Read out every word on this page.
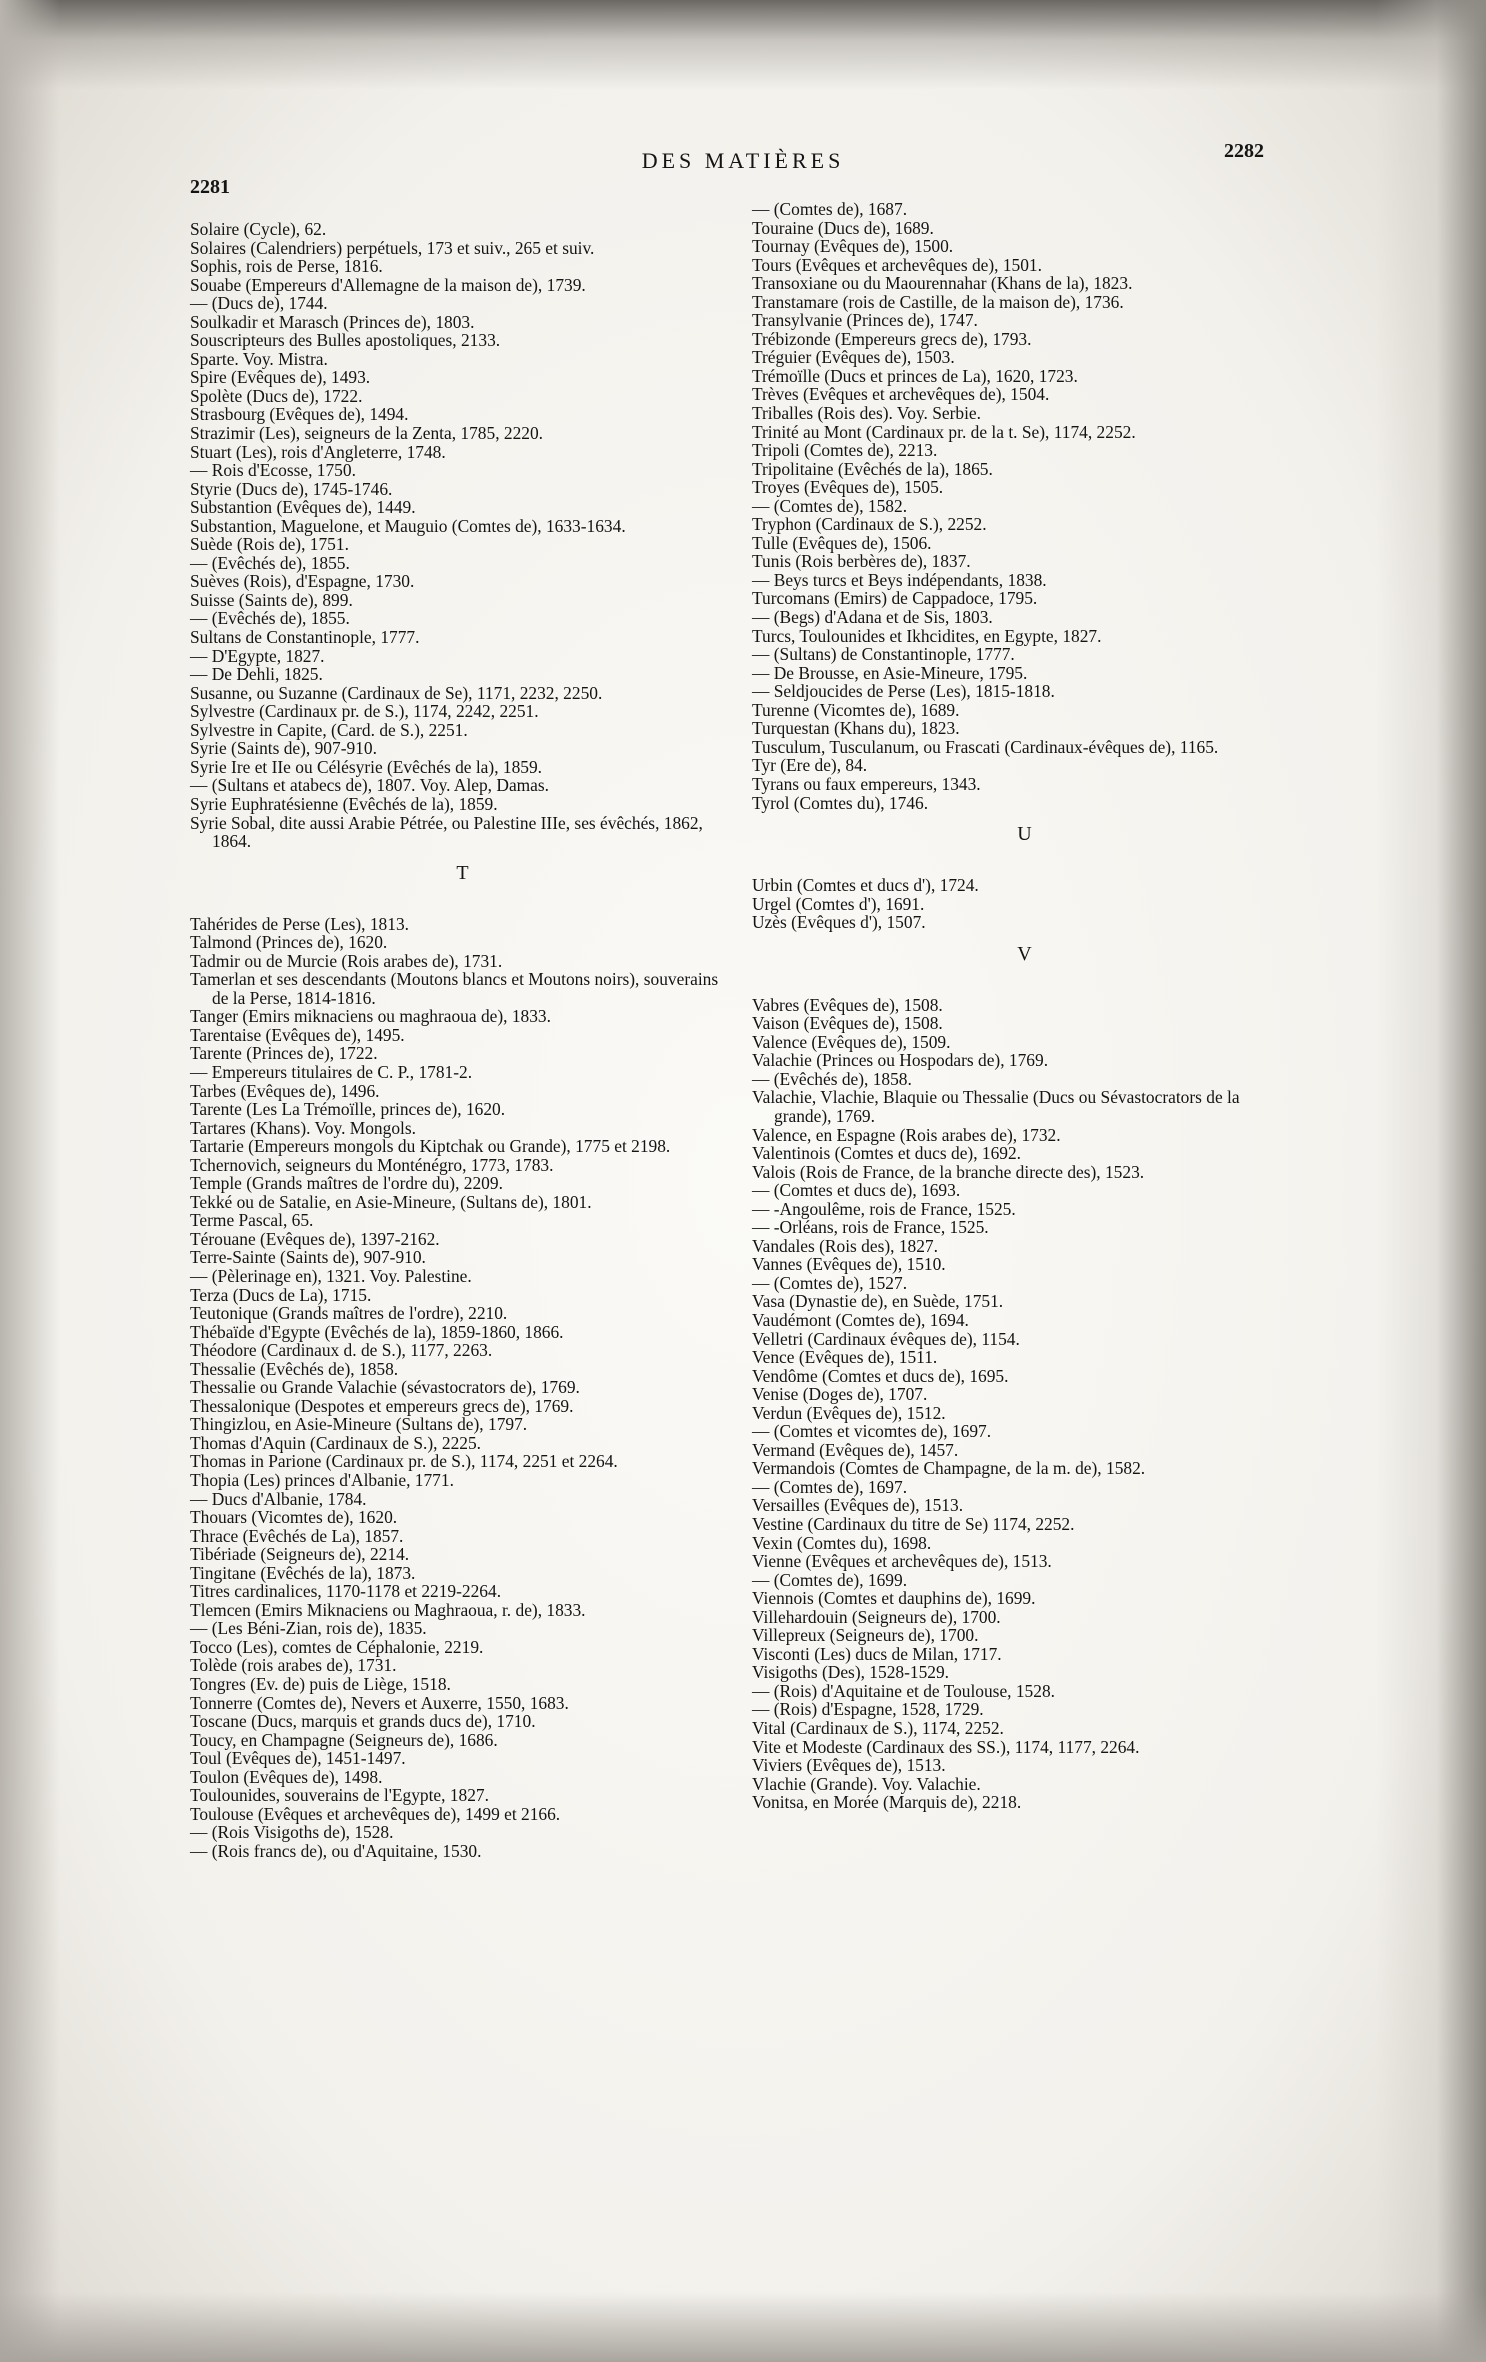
DES MATIÈRES
2281
2282
Solaire (Cycle), 62.
Solaires (Calendriers) perpétuels, 173 et suiv., 265 et suiv.
Sophis, rois de Perse, 1816.
Souabe (Empereurs d'Allemagne de la maison de), 1739.
— (Ducs de), 1744.
Soulkadir et Marasch (Princes de), 1803.
Souscripteurs des Bulles apostoliques, 2133.
Sparte. Voy. Mistra.
Spire (Evêques de), 1493.
Spolète (Ducs de), 1722.
Strasbourg (Evêques de), 1494.
Strazimir (Les), seigneurs de la Zenta, 1785, 2220.
Stuart (Les), rois d'Angleterre, 1748.
— Rois d'Ecosse, 1750.
Styrie (Ducs de), 1745-1746.
Substantion (Evêques de), 1449.
Substantion, Maguelone, et Mauguio (Comtes de), 1633-1634.
Suède (Rois de), 1751.
— (Evêchés de), 1855.
Suèves (Rois), d'Espagne, 1730.
Suisse (Saints de), 899.
— (Evêchés de), 1855.
Sultans de Constantinople, 1777.
— D'Egypte, 1827.
— De Dehli, 1825.
Susanne, ou Suzanne (Cardinaux de Se), 1171, 2232, 2250.
Sylvestre (Cardinaux pr. de S.), 1174, 2242, 2251.
Sylvestre in Capite, (Card. de S.), 2251.
Syrie (Saints de), 907-910.
Syrie Ire et IIe ou Célésyrie (Evêchés de la), 1859.
— (Sultans et atabecs de), 1807. Voy. Alep, Damas.
Syrie Euphratésienne (Evêchés de la), 1859.
Syrie Sobal, dite aussi Arabie Pétrée, ou Palestine IIIe, ses évêchés, 1862, 1864.
T
Tahérides de Perse (Les), 1813.
Talmond (Princes de), 1620.
Tadmir ou de Murcie (Rois arabes de), 1731.
Tamerlan et ses descendants (Moutons blancs et Moutons noirs), souverains de la Perse, 1814-1816.
Tanger (Emirs miknaciens ou maghraoua de), 1833.
Tarentaise (Evêques de), 1495.
Tarente (Princes de), 1722.
— Empereurs titulaires de C. P., 1781-2.
Tarbes (Evêques de), 1496.
Tarente (Les La Trémoïlle, princes de), 1620.
Tartares (Khans). Voy. Mongols.
Tartarie (Empereurs mongols du Kiptchak ou Grande), 1775 et 2198.
Tchernovich, seigneurs du Monténégro, 1773, 1783.
Temple (Grands maîtres de l'ordre du), 2209.
Tekké ou de Satalie, en Asie-Mineure, (Sultans de), 1801.
Terme Pascal, 65.
Térouane (Evêques de), 1397-2162.
Terre-Sainte (Saints de), 907-910.
— (Pèlerinage en), 1321. Voy. Palestine.
Terza (Ducs de La), 1715.
Teutonique (Grands maîtres de l'ordre), 2210.
Thébaïde d'Egypte (Evêchés de la), 1859-1860, 1866.
Théodore (Cardinaux d. de S.), 1177, 2263.
Thessalie (Evêchés de), 1858.
Thessalie ou Grande Valachie (sévastocrators de), 1769.
Thessalonique (Despotes et empereurs grecs de), 1769.
Thingizlou, en Asie-Mineure (Sultans de), 1797.
Thomas d'Aquin (Cardinaux de S.), 2225.
Thomas in Parione (Cardinaux pr. de S.), 1174, 2251 et 2264.
Thopia (Les) princes d'Albanie, 1771.
— Ducs d'Albanie, 1784.
Thouars (Vicomtes de), 1620.
Thrace (Evêchés de La), 1857.
Tibériade (Seigneurs de), 2214.
Tingitane (Evêchés de la), 1873.
Titres cardinalices, 1170-1178 et 2219-2264.
Tlemcen (Emirs Miknaciens ou Maghraoua, r. de), 1833.
— (Les Béni-Zian, rois de), 1835.
Tocco (Les), comtes de Céphalonie, 2219.
Tolède (rois arabes de), 1731.
Tongres (Ev. de) puis de Liège, 1518.
Tonnerre (Comtes de), Nevers et Auxerre, 1550, 1683.
Toscane (Ducs, marquis et grands ducs de), 1710.
Toucy, en Champagne (Seigneurs de), 1686.
Toul (Evêques de), 1451-1497.
Toulon (Evêques de), 1498.
Toulounides, souverains de l'Egypte, 1827.
Toulouse (Evêques et archevêques de), 1499 et 2166.
— (Rois Visigoths de), 1528.
— (Rois francs de), ou d'Aquitaine, 1530.
— (Comtes de), 1687.
Touraine (Ducs de), 1689.
Tournay (Evêques de), 1500.
Tours (Evêques et archevêques de), 1501.
Transoxiane ou du Maourennahar (Khans de la), 1823.
Transtamare (rois de Castille, de la maison de), 1736.
Transylvanie (Princes de), 1747.
Trébizonde (Empereurs grecs de), 1793.
Tréguier (Evêques de), 1503.
Trémoïlle (Ducs et princes de La), 1620, 1723.
Trèves (Evêques et archevêques de), 1504.
Triballes (Rois des). Voy. Serbie.
Trinité au Mont (Cardinaux pr. de la t. Se), 1174, 2252.
Tripoli (Comtes de), 2213.
Tripolitaine (Evêchés de la), 1865.
Troyes (Evêques de), 1505.
— (Comtes de), 1582.
Tryphon (Cardinaux de S.), 2252.
Tulle (Evêques de), 1506.
Tunis (Rois berbères de), 1837.
— Beys turcs et Beys indépendants, 1838.
Turcomans (Emirs) de Cappadoce, 1795.
— (Begs) d'Adana et de Sis, 1803.
Turcs, Toulounides et Ikhcidites, en Egypte, 1827.
— (Sultans) de Constantinople, 1777.
— De Brousse, en Asie-Mineure, 1795.
— Seldjoucides de Perse (Les), 1815-1818.
Turenne (Vicomtes de), 1689.
Turquestan (Khans du), 1823.
Tusculum, Tusculanum, ou Frascati (Cardinaux-évêques de), 1165.
Tyr (Ere de), 84.
Tyrans ou faux empereurs, 1343.
Tyrol (Comtes du), 1746.
U
Urbin (Comtes et ducs d'), 1724.
Urgel (Comtes d'), 1691.
Uzès (Evêques d'), 1507.
V
Vabres (Evêques de), 1508.
Vaison (Evêques de), 1508.
Valence (Evêques de), 1509.
Valachie (Princes ou Hospodars de), 1769.
— (Evêchés de), 1858.
Valachie, Vlachie, Blaquie ou Thessalie (Ducs ou Sévastocrators de la grande), 1769.
Valence, en Espagne (Rois arabes de), 1732.
Valentinois (Comtes et ducs de), 1692.
Valois (Rois de France, de la branche directe des), 1523.
— (Comtes et ducs de), 1693.
— -Angoulême, rois de France, 1525.
— -Orléans, rois de France, 1525.
Vandales (Rois des), 1827.
Vannes (Evêques de), 1510.
— (Comtes de), 1527.
Vasa (Dynastie de), en Suède, 1751.
Vaudémont (Comtes de), 1694.
Velletri (Cardinaux évêques de), 1154.
Vence (Evêques de), 1511.
Vendôme (Comtes et ducs de), 1695.
Venise (Doges de), 1707.
Verdun (Evêques de), 1512.
— (Comtes et vicomtes de), 1697.
Vermand (Evêques de), 1457.
Vermandois (Comtes de Champagne, de la m. de), 1582.
— (Comtes de), 1697.
Versailles (Evêques de), 1513.
Vestine (Cardinaux du titre de Se) 1174, 2252.
Vexin (Comtes du), 1698.
Vienne (Evêques et archevêques de), 1513.
— (Comtes de), 1699.
Viennois (Comtes et dauphins de), 1699.
Villehardouin (Seigneurs de), 1700.
Villepreux (Seigneurs de), 1700.
Visconti (Les) ducs de Milan, 1717.
Visigoths (Des), 1528-1529.
— (Rois) d'Aquitaine et de Toulouse, 1528.
— (Rois) d'Espagne, 1528, 1729.
Vital (Cardinaux de S.), 1174, 2252.
Vite et Modeste (Cardinaux des SS.), 1174, 1177, 2264.
Viviers (Evêques de), 1513.
Vlachie (Grande). Voy. Valachie.
Vonitsa, en Morée (Marquis de), 2218.
